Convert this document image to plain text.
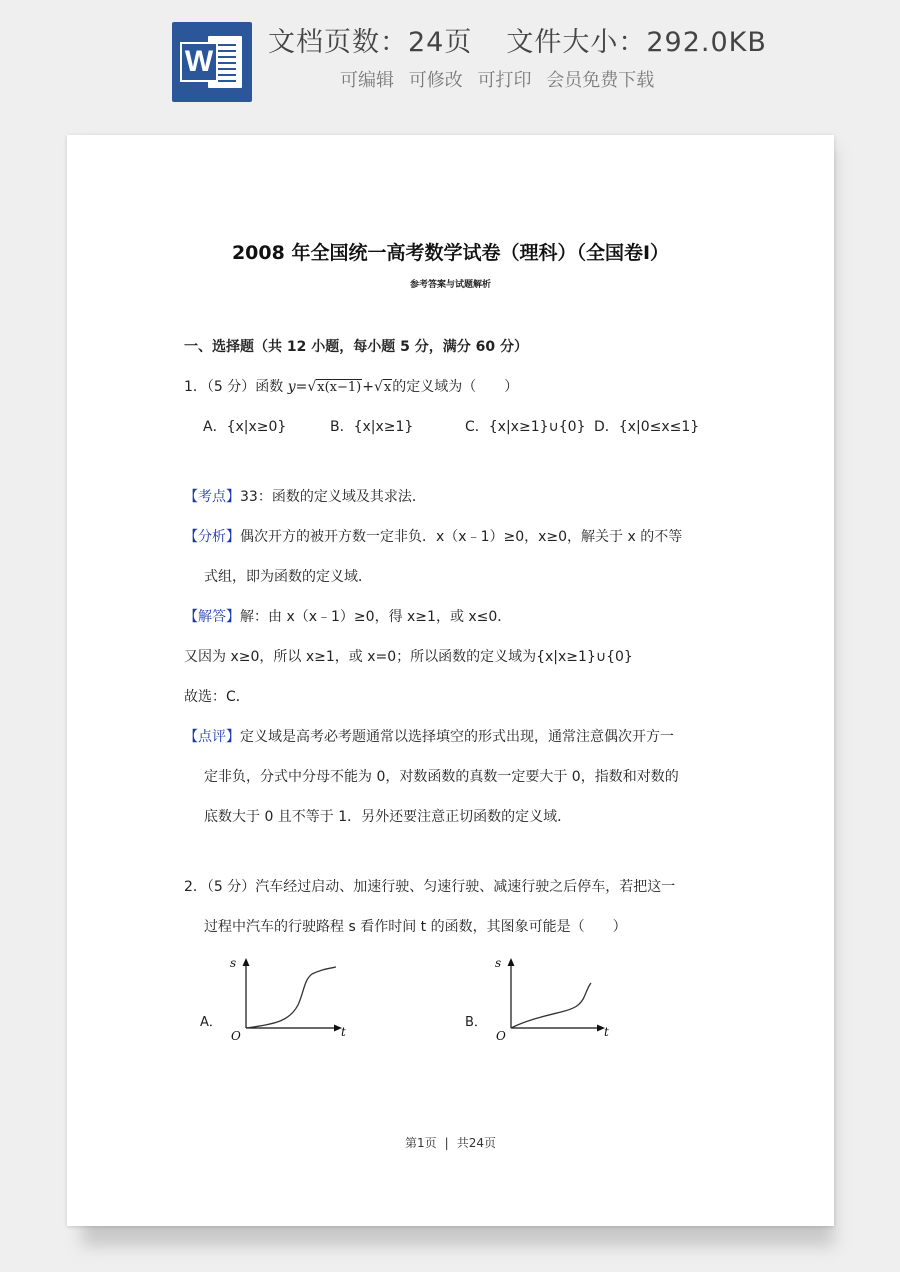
W
文档页数：24页 文件大小：292.0KB
可编辑 可修改 可打印 会员免费下载
2008 年全国统一高考数学试卷（理科）（全国卷Ⅰ）
参考答案与试题解析
一、选择题（共 12 小题，每小题 5 分，满分 60 分）
1．（5 分）函数 y=√x(x−1)+√x的定义域为（　　）
A．{x|x≥0}	B．{x|x≥1}	C．{x|x≥1}∪{0} D．{x|0≤x≤1}
【考点】33：函数的定义域及其求法．
【分析】偶次开方的被开方数一定非负．x（x﹣1）≥0，x≥0，解关于 x 的不等
式组，即为函数的定义域．
【解答】解：由 x（x﹣1）≥0，得 x≥1，或 x≤0．
又因为 x≥0，所以 x≥1，或 x=0；所以函数的定义域为{x|x≥1}∪{0}
故选：C．
【点评】定义域是高考必考题通常以选择填空的形式出现，通常注意偶次开方一
定非负，分式中分母不能为 0，对数函数的真数一定要大于 0，指数和对数的
底数大于 0 且不等于 1．另外还要注意正切函数的定义域．
2．（5 分）汽车经过启动、加速行驶、匀速行驶、减速行驶之后停车，若把这一
过程中汽车的行驶路程 s 看作时间 t 的函数，其图象可能是（　　）
A．
s
t
O
B．
s
t
O
第1页 | 共24页
